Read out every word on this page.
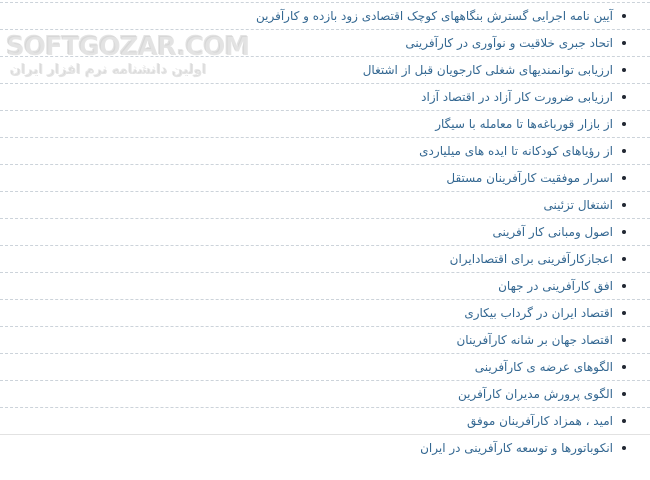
SOFTGOZAR.COM
اولین دانشنامه نرم افزار ایران
آیین نامه اجرایی گسترش بنگاههای کوچک اقتصادی زود بازده و کارآفرین
اتحاد جبری خلاقیت و نوآوری در کارآفرینی
ارزیابی توانمندیهای شغلی کارجویان قبل از اشتغال
ارزیابی ضرورت کار آزاد در اقتصاد آزاد
از بازار قورباغه‌ها تا معامله با سیگار
از رؤیاهای کودکانه تا ایده های میلیاردی
اسرار موفقیت کارآفرینان مستقل
اشتغال تزئینی
اصول ومبانی کار آفرینی
اعجازکارآفرینی برای اقتصادایران
افق کارآفرینی در جهان
اقتصاد ایران در گرداب بیکاری
اقتصاد جهان بر شانه کارآفرینان
الگوهای عرضه ی کارآفرینی
الگوی پرورش مدیران کارآفرین
امید ، همزاد کارآفرینان موفق
انکوباتورها و توسعه کارآفرینی در ایران
